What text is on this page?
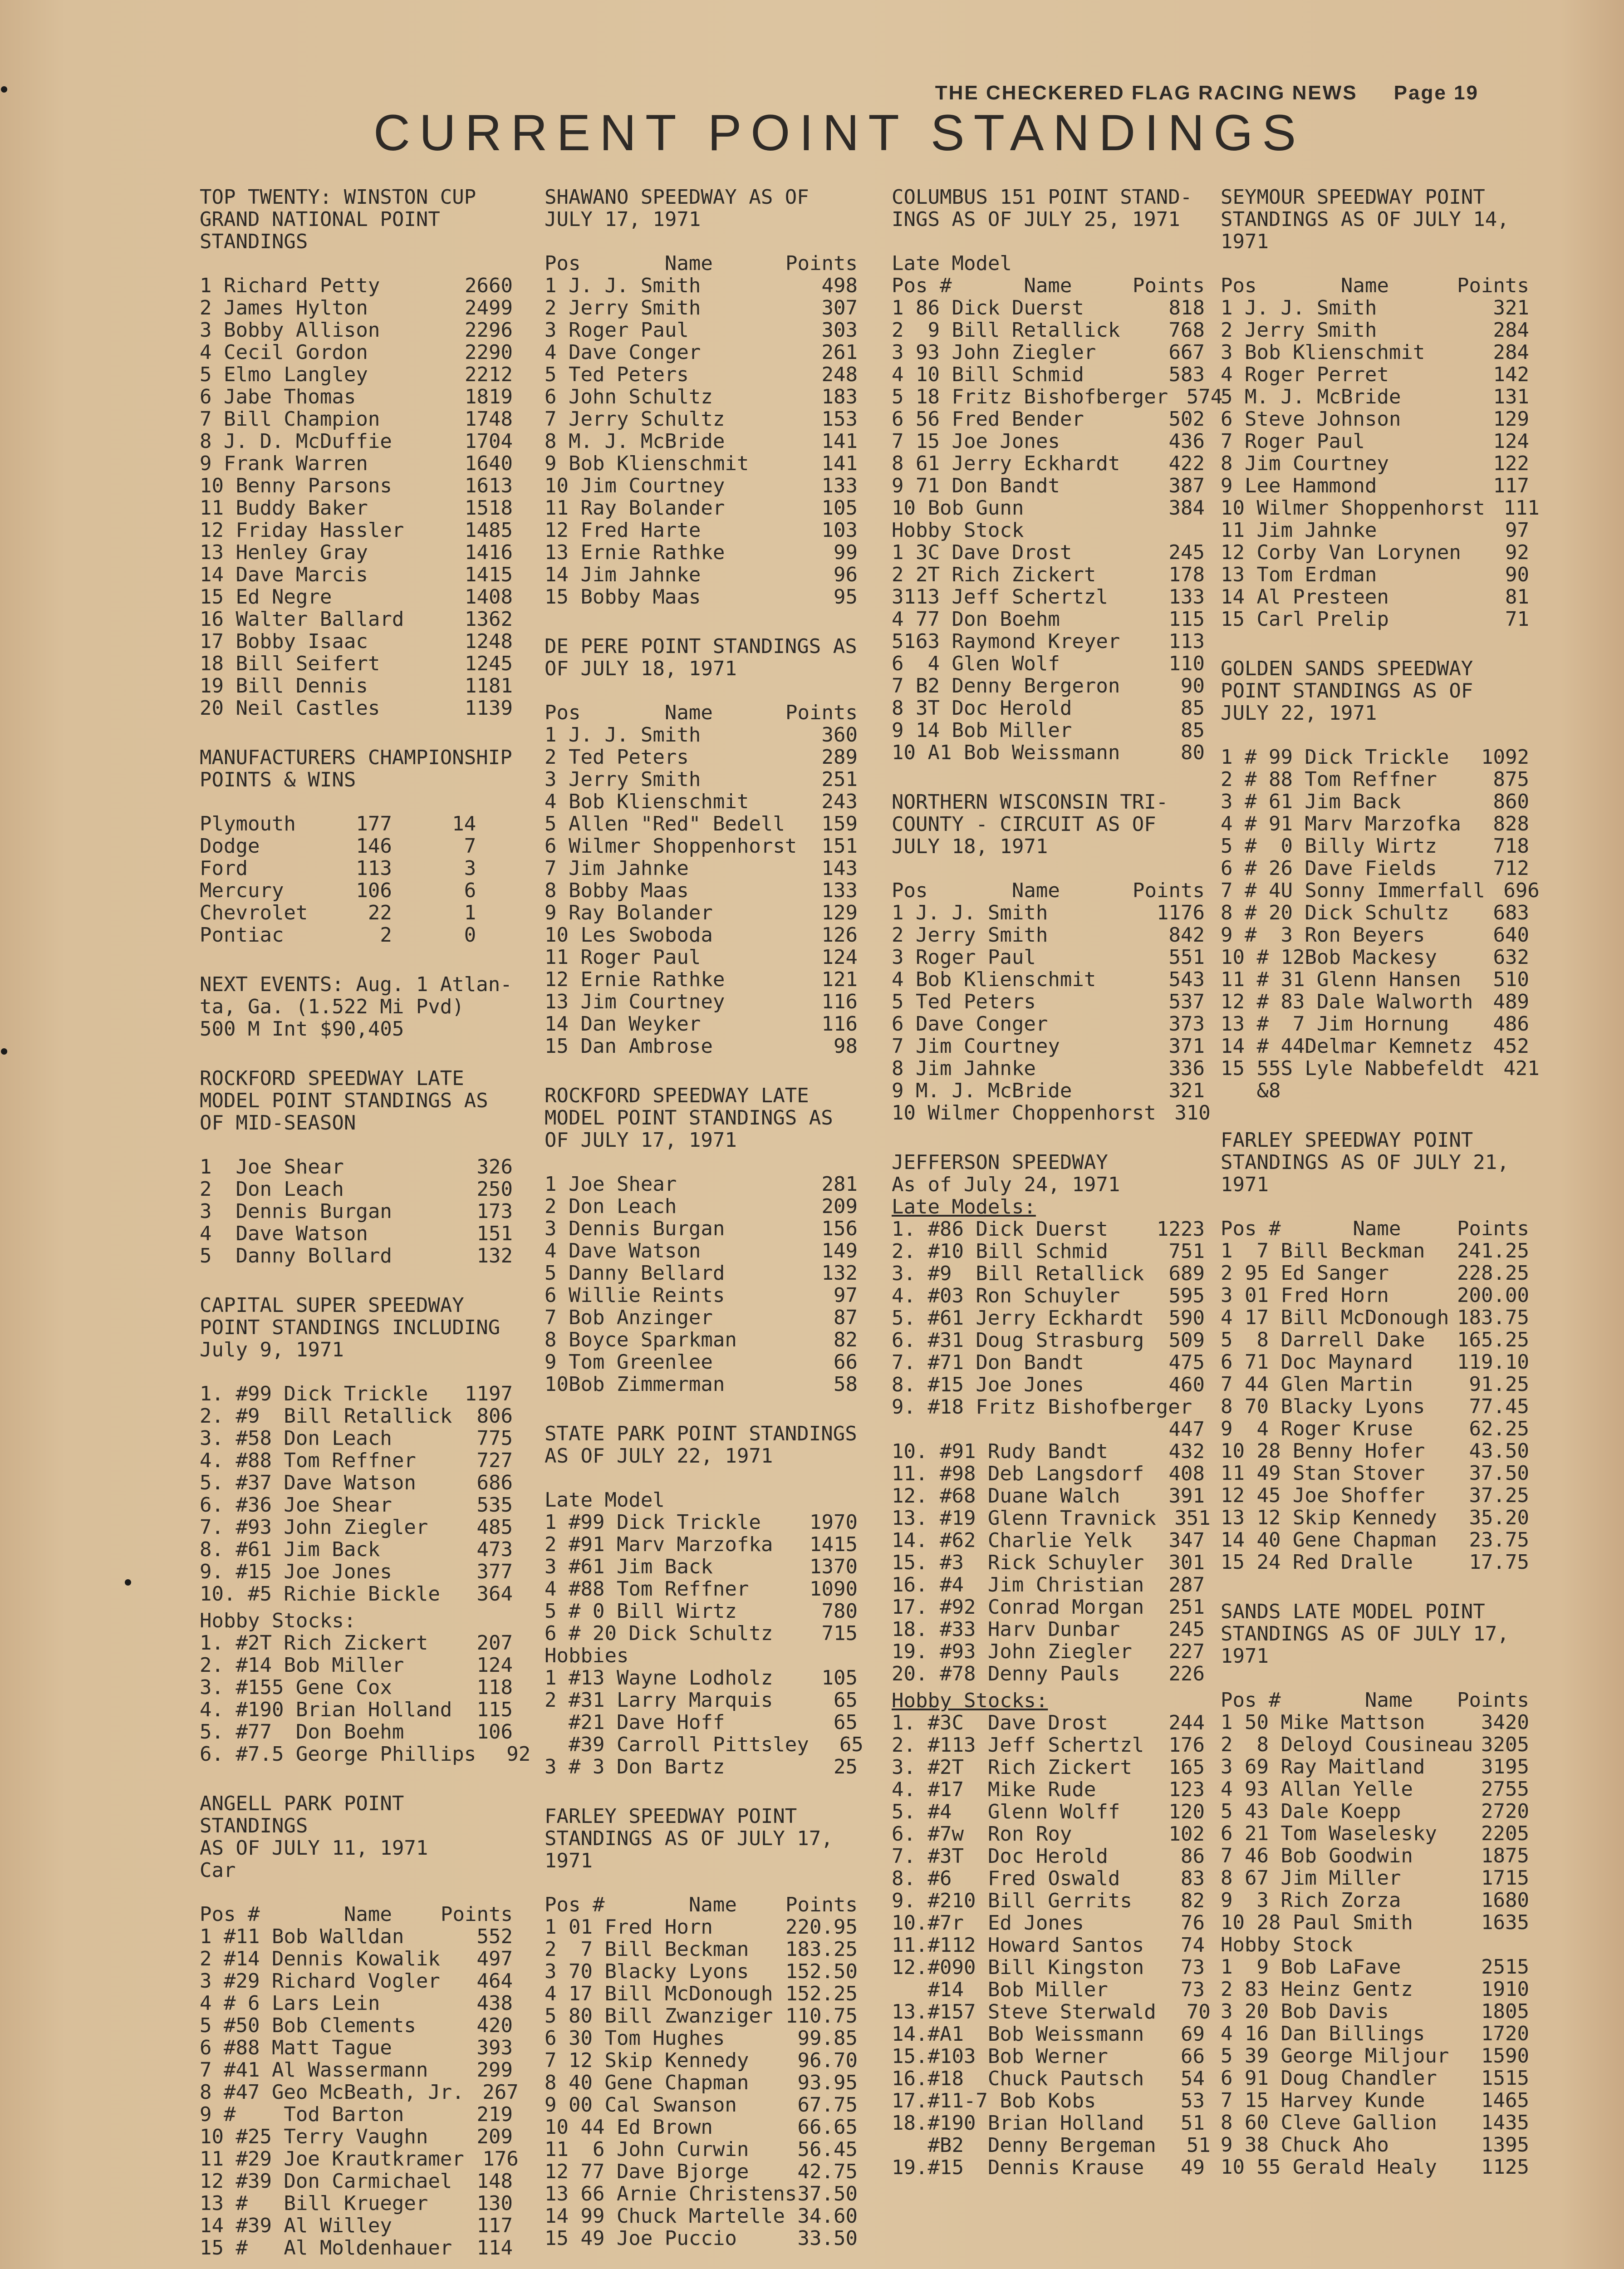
THE CHECKERED FLAG RACING NEWS Page 19
CURRENT POINT STANDINGS
TOP TWENTY: WINSTON CUP
GRAND NATIONAL POINT
STANDINGS
1 Richard Petty	2660
2 James Hylton	2499
3 Bobby Allison	2296
4 Cecil Gordon	2290
5 Elmo Langley	2212
6 Jabe Thomas	1819
7 Bill Champion	1748
8 J. D. McDuffie	1704
9 Frank Warren	1640
10 Benny Parsons	1613
11 Buddy Baker	1518
12 Friday Hassler	1485
13 Henley Gray	1416
14 Dave Marcis	1415
15 Ed Negre	1408
16 Walter Ballard	1362
17 Bobby Isaac	1248
18 Bill Seifert	1245
19 Bill Dennis	1181
20 Neil Castles	1139
MANUFACTURERS CHAMPIONSHIP
POINTS & WINS
Plymouth     177     14
Dodge        146      7
Ford         113      3
Mercury      106      6
Chevrolet     22      1
Pontiac        2      0
NEXT EVENTS: Aug. 1 Atlan-
ta, Ga. (1.522 Mi Pvd)
500 M Int $90,405
ROCKFORD SPEEDWAY LATE
MODEL POINT STANDINGS AS
OF MID-SEASON
1  Joe Shear	326
2  Don Leach	250
3  Dennis Burgan	173
4  Dave Watson	151
5  Danny Bollard	132
CAPITAL SUPER SPEEDWAY
POINT STANDINGS INCLUDING
July 9, 1971
1. #99 Dick Trickle	1197
2. #9  Bill Retallick	806
3. #58 Don Leach	775
4. #88 Tom Reffner	727
5. #37 Dave Watson	686
6. #36 Joe Shear	535
7. #93 John Ziegler	485
8. #61 Jim Back	473
9. #15 Joe Jones	377
10. #5 Richie Bickle	364
Hobby Stocks:
1. #2T Rich Zickert	207
2. #14 Bob Miller	124
3. #155 Gene Cox	118
4. #190 Brian Holland	115
5. #77  Don Boehm	106
6. #7.5 George Phillips	92
ANGELL PARK POINT STANDINGS
AS OF JULY 11, 1971
Car
Pos #       Name	Points
1 #11 Bob Walldan	552
2 #14 Dennis Kowalik	497
3 #29 Richard Vogler	464
4 # 6 Lars Lein	438
5 #50 Bob Clements	420
6 #88 Matt Tague	393
7 #41 Al Wassermann	299
8 #47 Geo McBeath, Jr. 267
9 #    Tod Barton	219
10 #25 Terry Vaughn	209
11 #29 Joe Krautkramer 176
12 #39 Don Carmichael	148
13 #   Bill Krueger	130
14 #39 Al Willey	117
15 #   Al Moldenhauer	114
SHAWANO SPEEDWAY AS OF
JULY 17, 1971
Pos       Name	Points
1 J. J. Smith	498
2 Jerry Smith	307
3 Roger Paul	303
4 Dave Conger	261
5 Ted Peters	248
6 John Schultz	183
7 Jerry Schultz	153
8 M. J. McBride	141
9 Bob Klienschmit	141
10 Jim Courtney	133
11 Ray Bolander	105
12 Fred Harte	103
13 Ernie Rathke	99
14 Jim Jahnke	96
15 Bobby Maas	95
DE PERE POINT STANDINGS AS
OF JULY 18, 1971
Pos       Name	Points
1 J. J. Smith	360
2 Ted Peters	289
3 Jerry Smith	251
4 Bob Klienschmit	243
5 Allen "Red" Bedell	159
6 Wilmer Shoppenhorst	151
7 Jim Jahnke	143
8 Bobby Maas	133
9 Ray Bolander	129
10 Les Swoboda	126
11 Roger Paul	124
12 Ernie Rathke	121
13 Jim Courtney	116
14 Dan Weyker	116
15 Dan Ambrose	98
ROCKFORD SPEEDWAY LATE
MODEL POINT STANDINGS AS
OF JULY 17, 1971
1 Joe Shear	281
2 Don Leach	209
3 Dennis Burgan	156
4 Dave Watson	149
5 Danny Bellard	132
6 Willie Reints	97
7 Bob Anzinger	87
8 Boyce Sparkman	82
9 Tom Greenlee	66
10Bob Zimmerman	58
STATE PARK POINT STANDINGS
AS OF JULY 22, 1971
Late Model
1 #99 Dick Trickle	1970
2 #91 Marv Marzofka	1415
3 #61 Jim Back	1370
4 #88 Tom Reffner	1090
5 # 0 Bill Wirtz	780
6 # 20 Dick Schultz	715
Hobbies
1 #13 Wayne Lodholz	105
2 #31 Larry Marquis	65
#21 Dave Hoff	65
#39 Carroll Pittsley	65
3 # 3 Don Bartz	25
FARLEY SPEEDWAY POINT
STANDINGS AS OF JULY 17,
1971
Pos #       Name	Points
1 01 Fred Horn	220.95
2  7 Bill Beckman	183.25
3 70 Blacky Lyons	152.50
4 17 Bill McDonough 152.25
5 80 Bill Zwanziger 110.75
6 30 Tom Hughes	99.85
7 12 Skip Kennedy	96.70
8 40 Gene Chapman	93.95
9 00 Cal Swanson	67.75
10 44 Ed Brown	66.65
11  6 John Curwin	56.45
12 77 Dave Bjorge	42.75
13 66 Arnie Christens 37.50
14 99 Chuck Martelle 34.60
15 49 Joe Puccio	33.50
COLUMBUS 151 POINT STAND-
INGS AS OF JULY 25, 1971
Late Model
Pos #      Name	Points
1 86 Dick Duerst	818
2  9 Bill Retallick	768
3 93 John Ziegler	667
4 10 Bill Schmid	583
5 18 Fritz Bishofberger 574
6 56 Fred Bender	502
7 15 Joe Jones	436
8 61 Jerry Eckhardt	422
9 71 Don Bandt	387
10 Bob Gunn	384
Hobby Stock
1 3C Dave Drost	245
2 2T Rich Zickert	178
3113 Jeff Schertzl	133
4 77 Don Boehm	115
5163 Raymond Kreyer	113
6  4 Glen Wolf	110
7 B2 Denny Bergeron	90
8 3T Doc Herold	85
9 14 Bob Miller	85
10 A1 Bob Weissmann	80
NORTHERN WISCONSIN TRI-
COUNTY - CIRCUIT AS OF
JULY 18, 1971
Pos       Name	Points
1 J. J. Smith	1176
2 Jerry Smith	842
3 Roger Paul	551
4 Bob Klienschmit	543
5 Ted Peters	537
6 Dave Conger	373
7 Jim Courtney	371
8 Jim Jahnke	336
9 M. J. McBride	321
10 Wilmer Choppenhorst 310
JEFFERSON SPEEDWAY
As of July 24, 1971
Late Models:
1. #86 Dick Duerst	1223
2. #10 Bill Schmid	751
3. #9  Bill Retallick	689
4. #03 Ron Schuyler	595
5. #61 Jerry Eckhardt	590
6. #31 Doug Strasburg	509
7. #71 Don Bandt	475
8. #15 Joe Jones	460
9. #18 Fritz Bishofberger
447
10. #91 Rudy Bandt	432
11. #98 Deb Langsdorf	408
12. #68 Duane Walch	391
13. #19 Glenn Travnick 351
14. #62 Charlie Yelk	347
15. #3  Rick Schuyler	301
16. #4  Jim Christian	287
17. #92 Conrad Morgan	251
18. #33 Harv Dunbar	245
19. #93 John Ziegler	227
20. #78 Denny Pauls	226
Hobby Stocks:
1. #3C  Dave Drost	244
2. #113 Jeff Schertzl	176
3. #2T  Rich Zickert	165
4. #17  Mike Rude	123
5. #4   Glenn Wolff	120
6. #7w  Ron Roy	102
7. #3T  Doc Herold	86
8. #6   Fred Oswald	83
9. #210 Bill Gerrits	82
10.#7r  Ed Jones	76
11.#112 Howard Santos	74
12.#090 Bill Kingston	73
#14  Bob Miller	73
13.#157 Steve Sterwald	70
14.#A1  Bob Weissmann	69
15.#103 Bob Werner	66
16.#18  Chuck Pautsch	54
17.#11-7 Bob Kobs	53
18.#190 Brian Holland	51
#B2  Denny Bergeman	51
19.#15  Dennis Krause	49
SEYMOUR SPEEDWAY POINT
STANDINGS AS OF JULY 14,
1971
Pos       Name	Points
1 J. J. Smith	321
2 Jerry Smith	284
3 Bob Klienschmit	284
4 Roger Perret	142
5 M. J. McBride	131
6 Steve Johnson	129
7 Roger Paul	124
8 Jim Courtney	122
9 Lee Hammond	117
10 Wilmer Shoppenhorst 111
11 Jim Jahnke	97
12 Corby Van Lorynen	92
13 Tom Erdman	90
14 Al Presteen	81
15 Carl Prelip	71
GOLDEN SANDS SPEEDWAY
POINT STANDINGS AS OF
JULY 22, 1971
1 # 99 Dick Trickle	1092
2 # 88 Tom Reffner	875
3 # 61 Jim Back	860
4 # 91 Marv Marzofka	828
5 #  0 Billy Wirtz	718
6 # 26 Dave Fields	712
7 # 4U Sonny Immerfall 696
8 # 20 Dick Schultz	683
9 #  3 Ron Beyers	640
10 # 12Bob Mackesy	632
11 # 31 Glenn Hansen	510
12 # 83 Dale Walworth	489
13 #  7 Jim Hornung	486
14 # 44Delmar Kemnetz	452
15 55S Lyle Nabbefeldt 421
&8
FARLEY SPEEDWAY POINT
STANDINGS AS OF JULY 21,
1971
Pos #      Name	Points
1  7 Bill Beckman	241.25
2 95 Ed Sanger	228.25
3 01 Fred Horn	200.00
4 17 Bill McDonough 183.75
5  8 Darrell Dake	165.25
6 71 Doc Maynard	119.10
7 44 Glen Martin	91.25
8 70 Blacky Lyons	77.45
9  4 Roger Kruse	62.25
10 28 Benny Hofer	43.50
11 49 Stan Stover	37.50
12 45 Joe Shoffer	37.25
13 12 Skip Kennedy	35.20
14 40 Gene Chapman	23.75
15 24 Red Dralle	17.75
SANDS LATE MODEL POINT
STANDINGS AS OF JULY 17,
1971
Pos #       Name	Points
1 50 Mike Mattson	3420
2  8 Deloyd Cousineau 3205
3 69 Ray Maitland	3195
4 93 Allan Yelle	2755
5 43 Dale Koepp	2720
6 21 Tom Waselesky	2205
7 46 Bob Goodwin	1875
8 67 Jim Miller	1715
9  3 Rich Zorza	1680
10 28 Paul Smith	1635
Hobby Stock
1  9 Bob LaFave	2515
2 83 Heinz Gentz	1910
3 20 Bob Davis	1805
4 16 Dan Billings	1720
5 39 George Miljour	1590
6 91 Doug Chandler	1515
7 15 Harvey Kunde	1465
8 60 Cleve Gallion	1435
9 38 Chuck Aho	1395
10 55 Gerald Healy	1125
